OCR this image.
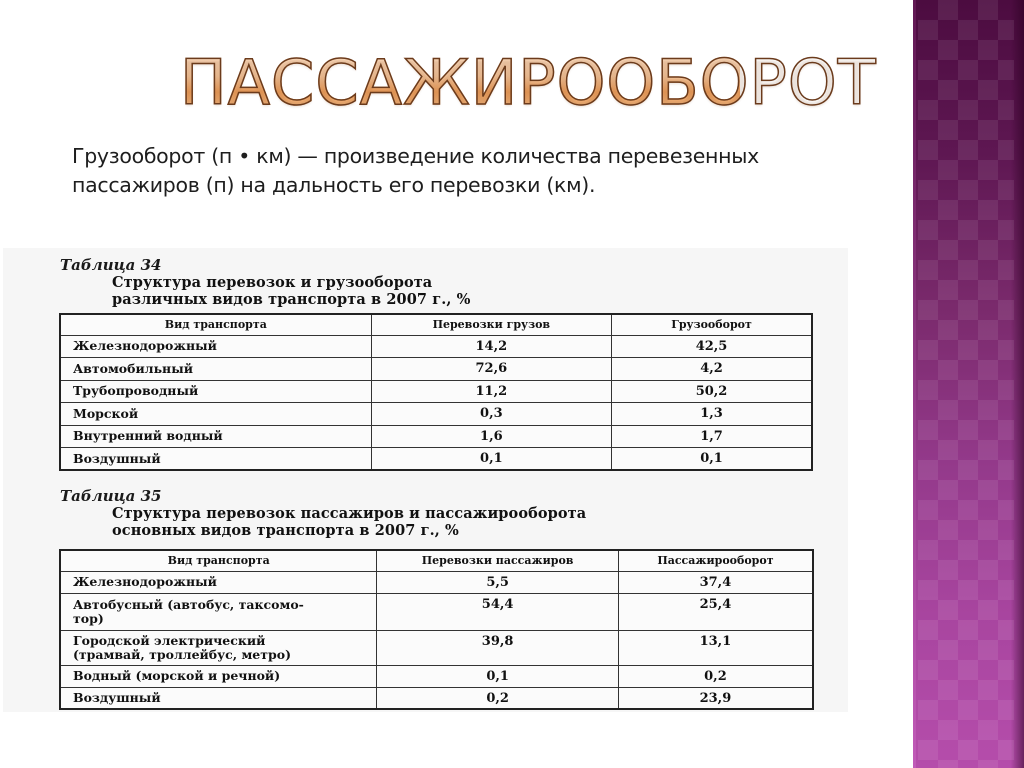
ПАССАЖИРООБОРОТ
Грузооборот (п • км) — произведение количества перевезенных
пассажиров (п) на дальность его перевозки (км).
Таблица 34
Структура перевозок и грузооборота
различных видов транспорта в 2007 г., %
Вид транспорта	Перевозки грузов	Грузооборот
Железнодорожный	14,2	42,5
Автомобильный	72,6	4,2
Трубопроводный	11,2	50,2
Морской	0,3	1,3
Внутренний водный	1,6	1,7
Воздушный	0,1	0,1
Таблица 35
Структура перевозок пассажиров и пассажирооборота
основных видов транспорта в 2007 г., %
Вид транспорта	Перевозки пассажиров	Пассажирооборот
Железнодорожный	5,5	37,4
Автобусный (автобус, таксомо-
тор)	54,4	25,4
Городской электрический
(трамвай, троллейбус, метро)	39,8	13,1
Водный (морской и речной)	0,1	0,2
Воздушный	0,2	23,9
